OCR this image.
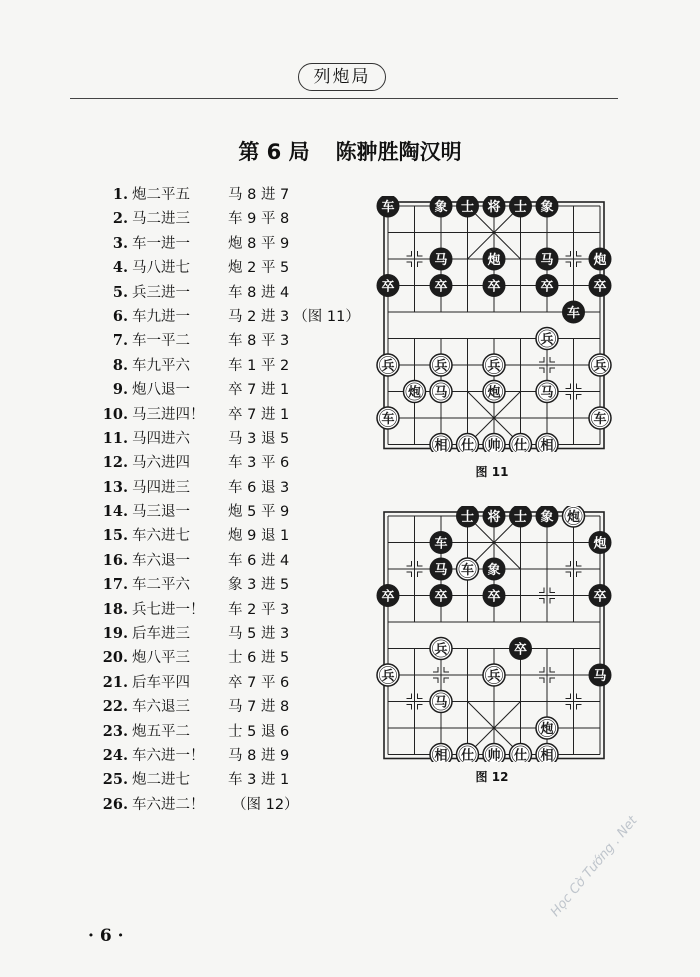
列炮局
第 6 局 陈翀胜陶汉明
1. 炮二平五	马 8 进 7
2. 马二进三	车 9 平 8
3. 车一进一	炮 8 平 9
4. 马八进七	炮 2 平 5
5. 兵三进一	车 8 进 4
6. 车九进一	马 2 进 3 （图 11）
7. 车一平二	车 8 平 3
8. 车九平六	车 1 平 2
9. 炮八退一	卒 7 进 1
10. 马三进四！ 卒 7 进 1
11. 马四进六	马 3 退 5
12. 马六进四	车 3 平 6
13. 马四进三	车 6 退 3
14. 马三退一	炮 5 平 9
15. 车六进七	炮 9 退 1
16. 车六退一	车 6 进 4
17. 车二平六	象 3 进 5
18. 兵七进一！ 车 2 平 3
19. 后车进三	马 5 进 3
20. 炮八平三	士 6 进 5
21. 后车平四	卒 7 平 6
22. 车六退三	马 7 进 8
23. 炮五平二	士 5 退 6
24. 车六进一！ 马 8 进 9
25. 炮二进七	车 3 进 1
26. 车六进二！ （图 12）
车	象 士 将 士 象
马	炮	马	炮
卒	卒	卒	卒	卒
车
兵
兵	兵	兵	兵
炮 马	炮	马
车	车
相 仕 帅 仕 相
图 11
士 将 士 象 炮
车	炮
马 车 象
卒	卒	卒	卒
兵	卒
兵	兵	马
马
炮
相 仕 帅 仕 相
图 12
· 6 ·
Học Cờ Tướng . Net
